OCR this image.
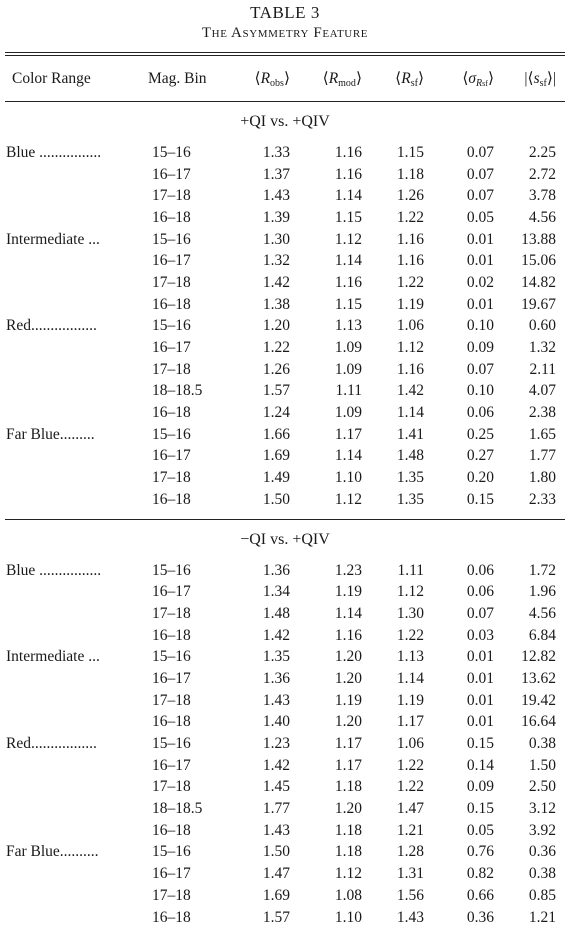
TABLE 3
The Asymmetry Feature
Color Range	Mag. Bin	$⟨R_{obs}⟩$	$⟨R_{mod}⟩$	$⟨R_{sf}⟩$	$⟨\sigma_{Rsf}⟩$	$|⟨s_{sf}⟩|$
+QI vs. +QIV
Blue ................	15–16	1.33	1.16	1.15	0.07	2.25
16–17	1.37	1.16	1.18	0.07	2.72
17–18	1.43	1.14	1.26	0.07	3.78
16–18	1.39	1.15	1.22	0.05	4.56
Intermediate ...	15–16	1.30	1.12	1.16	0.01	13.88
16–17	1.32	1.14	1.16	0.01	15.06
17–18	1.42	1.16	1.22	0.02	14.82
16–18	1.38	1.15	1.19	0.01	19.67
Red.................	15–16	1.20	1.13	1.06	0.10	0.60
16–17	1.22	1.09	1.12	0.09	1.32
17–18	1.26	1.09	1.16	0.07	2.11
18–18.5	1.57	1.11	1.42	0.10	4.07
16–18	1.24	1.09	1.14	0.06	2.38
Far Blue.........	15–16	1.66	1.17	1.41	0.25	1.65
16–17	1.69	1.14	1.48	0.27	1.77
17–18	1.49	1.10	1.35	0.20	1.80
16–18	1.50	1.12	1.35	0.15	2.33
−QI vs. +QIV
Blue ................	15–16	1.36	1.23	1.11	0.06	1.72
16–17	1.34	1.19	1.12	0.06	1.96
17–18	1.48	1.14	1.30	0.07	4.56
16–18	1.42	1.16	1.22	0.03	6.84
Intermediate ...	15–16	1.35	1.20	1.13	0.01	12.82
16–17	1.36	1.20	1.14	0.01	13.62
17–18	1.43	1.19	1.19	0.01	19.42
16–18	1.40	1.20	1.17	0.01	16.64
Red.................	15–16	1.23	1.17	1.06	0.15	0.38
16–17	1.42	1.17	1.22	0.14	1.50
17–18	1.45	1.18	1.22	0.09	2.50
18–18.5	1.77	1.20	1.47	0.15	3.12
16–18	1.43	1.18	1.21	0.05	3.92
Far Blue..........	15–16	1.50	1.18	1.28	0.76	0.36
16–17	1.47	1.12	1.31	0.82	0.38
17–18	1.69	1.08	1.56	0.66	0.85
16–18	1.57	1.10	1.43	0.36	1.21
